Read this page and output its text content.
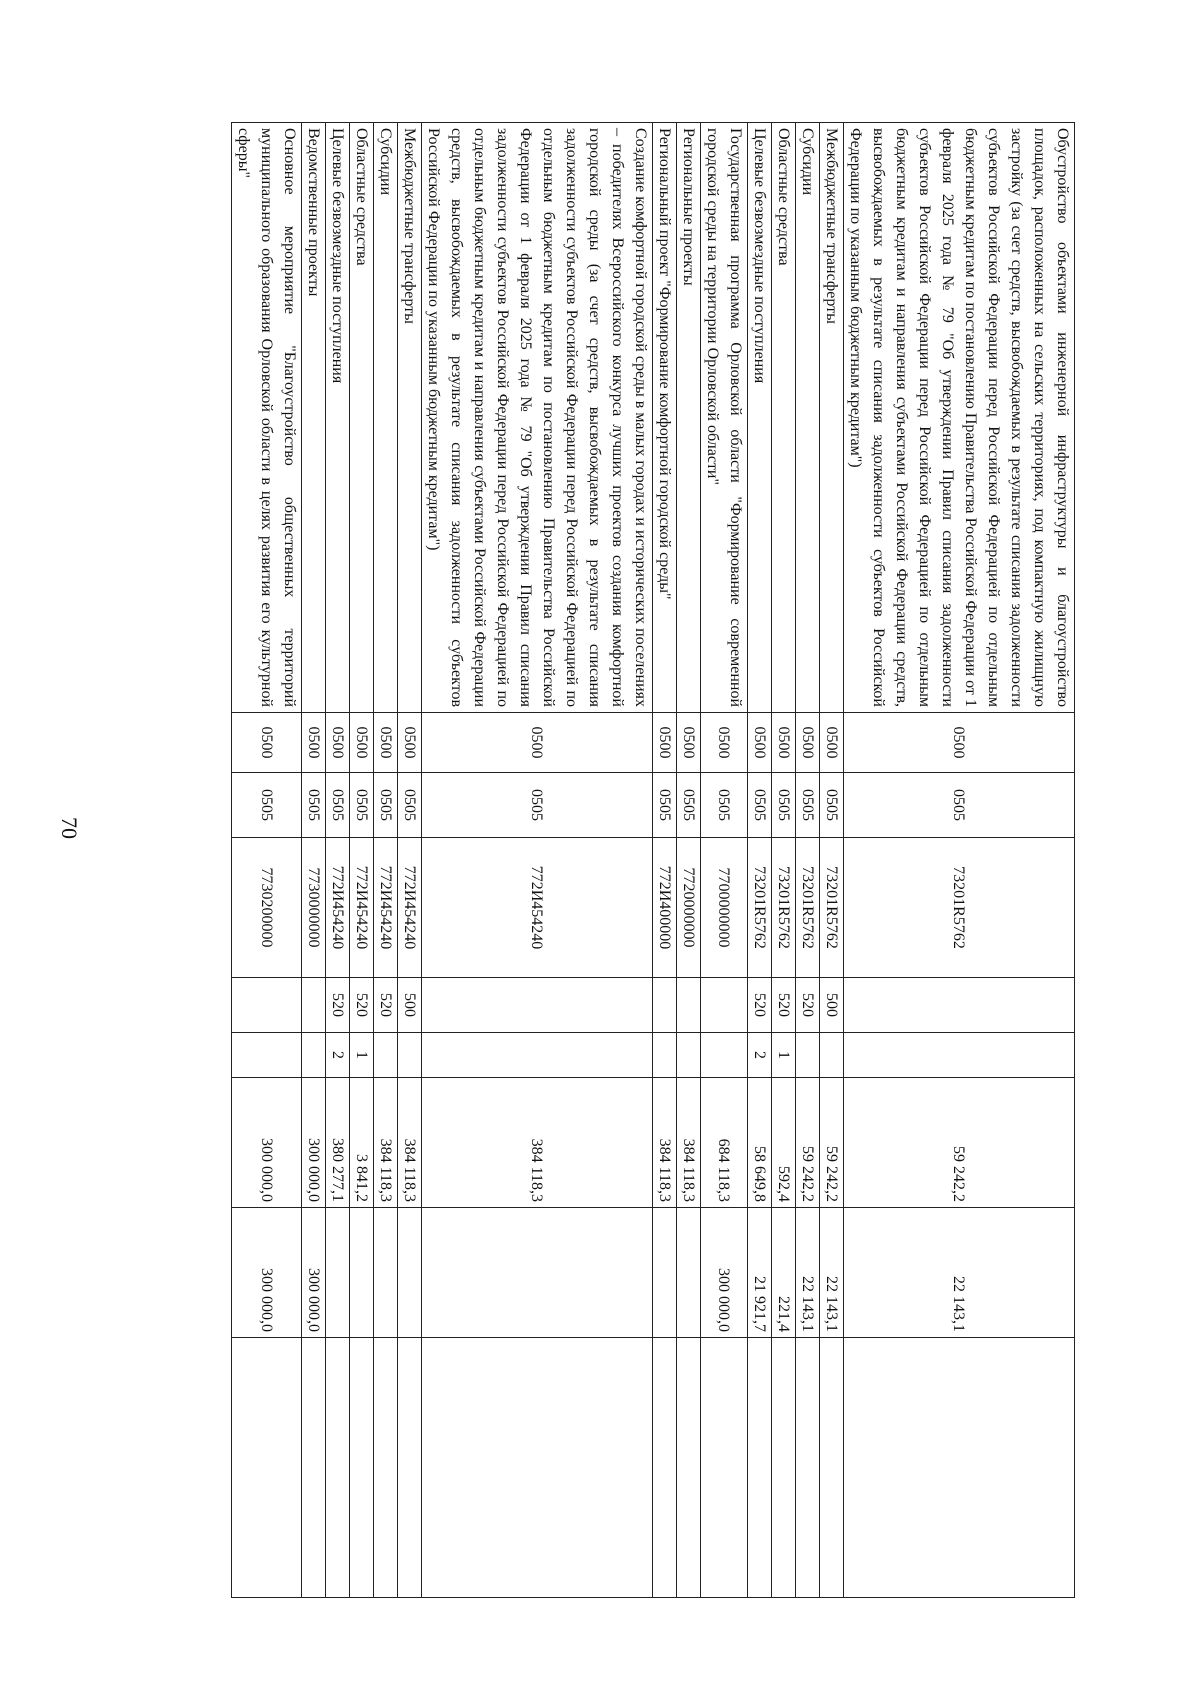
70
Обустройство объектами инженерной инфраструктуры и благоустройство площадок, расположенных на сельских территориях, под компактную жилищную застройку (за счет средств, высвобождаемых в результате списания задолженности субъектов Российской Федерации перед Российской Федерацией по отдельным бюджетным кредитам по постановлению Правительства Российской Федерации от 1 февраля 2025 года № 79 "Об утверждении Правил списания задолженности субъектов Российской Федерации перед Российской Федерацией по отдельным бюджетным кредитам и направления субъектами Российской Федерации средств, высвобождаемых в результате списания задолженности субъектов Российской Федерации по указанным бюджетным кредитам")	0500	0505	73201R5762			59 242,2	22 143,1	
Межбюджетные трансферты	0500	0505	73201R5762	500		59 242,2	22 143,1	
Субсидии	0500	0505	73201R5762	520		59 242,2	22 143,1	
Областные средства	0500	0505	73201R5762	520	1	592,4	221,4	
Целевые безвозмездные поступления	0500	0505	73201R5762	520	2	58 649,8	21 921,7	
Государственная программа Орловской области "Формирование современной городской среды на территории Орловской области"	0500	0505	7700000000			684 118,3	300 000,0	
Региональные проекты	0500	0505	7720000000			384 118,3		
Региональный проект "Формирование комфортной городской среды"	0500	0505	772И400000			384 118,3		
Создание комфортной городской среды в малых городах и исторических поселениях – победителях Всероссийского конкурса лучших проектов создания комфортной городской среды (за счет средств, высвобождаемых в результате списания задолженности субъектов Российской Федерации перед Российской Федерацией по отдельным бюджетным кредитам по постановлению Правительства Российской Федерации от 1 февраля 2025 года № 79 "Об утверждении Правил списания задолженности субъектов Российской Федерации перед Российской Федерацией по отдельным бюджетным кредитам и направления субъектами Российской Федерации средств, высвобождаемых в результате списания задолженности субъектов Российской Федерации по указанным бюджетным кредитам")	0500	0505	772И454240			384 118,3		
Межбюджетные трансферты	0500	0505	772И454240	500		384 118,3		
Субсидии	0500	0505	772И454240	520		384 118,3		
Областные средства	0500	0505	772И454240	520	1	3 841,2		
Целевые безвозмездные поступления	0500	0505	772И454240	520	2	380 277,1		
Ведомственные проекты	0500	0505	7730000000			300 000,0	300 000,0	
Основное мероприятие "Благоустройство общественных территорий муниципального образования Орловской области в целях развития его культурной сферы"	0500	0505	7730200000			300 000,0	300 000,0	
